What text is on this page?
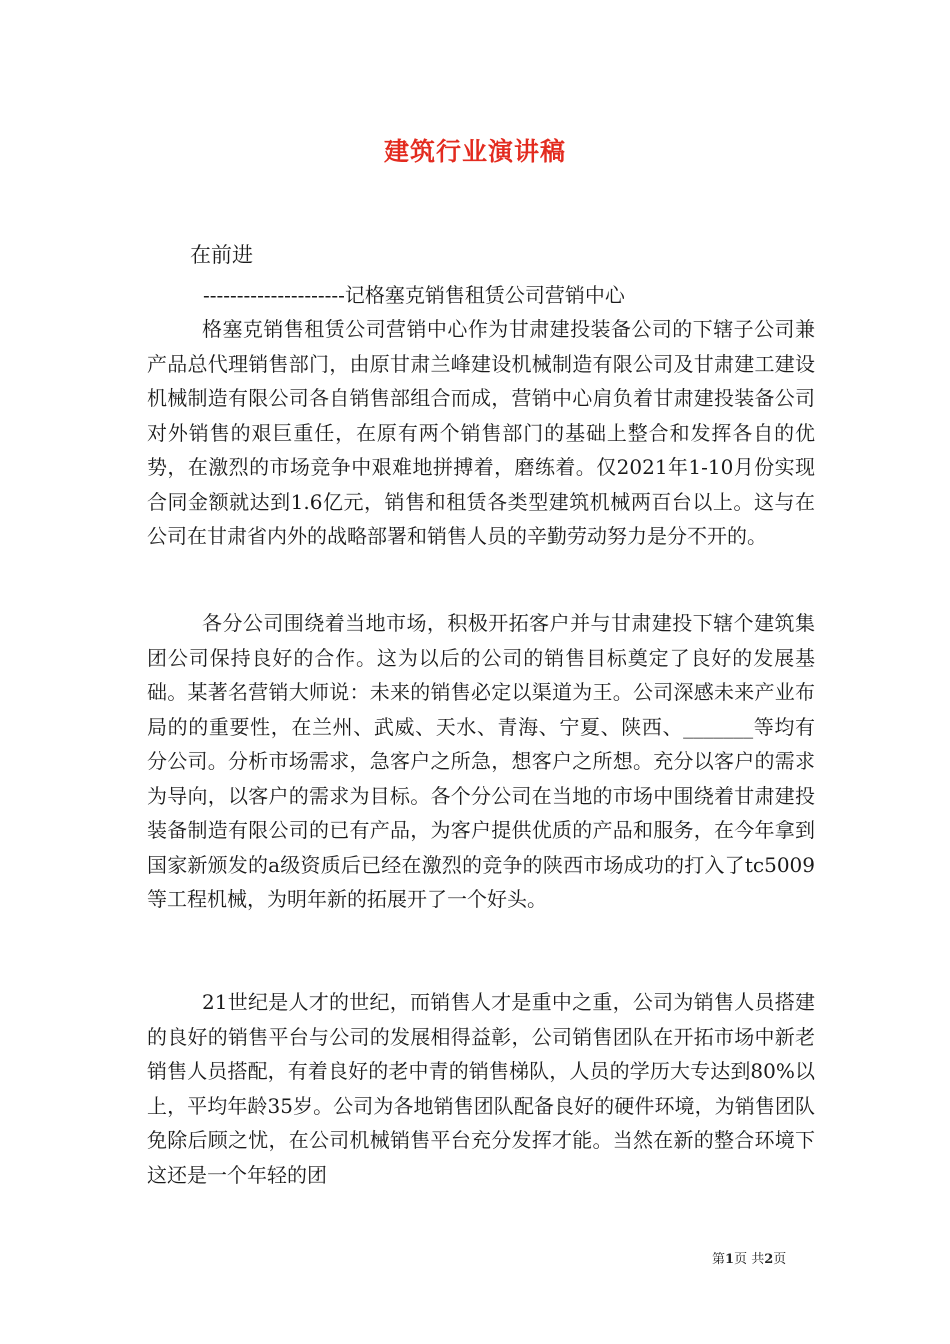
建筑行业演讲稿
在前进
---------------------记格塞克销售租赁公司营销中心
格塞克销售租赁公司营销中心作为甘肃建投装备公司的下辖子公司兼产品总代理销售部门，由原甘肃兰峰建设机械制造有限公司及甘肃建工建设机械制造有限公司各自销售部组合而成，营销中心肩负着甘肃建投装备公司对外销售的艰巨重任，在原有两个销售部门的基础上整合和发挥各自的优势，在激烈的市场竞争中艰难地拼搏着，磨练着。仅2021年1-10月份实现合同金额就达到1.6亿元，销售和租赁各类型建筑机械两百台以上。这与在公司在甘肃省内外的战略部署和销售人员的辛勤劳动努力是分不开的。
各分公司围绕着当地市场，积极开拓客户并与甘肃建投下辖个建筑集团公司保持良好的合作。这为以后的公司的销售目标奠定了良好的发展基础。某著名营销大师说：未来的销售必定以渠道为王。公司深感未来产业布局的的重要性，在兰州、武威、天水、青海、宁夏、陕西、_______等均有分公司。分析市场需求，急客户之所急，想客户之所想。充分以客户的需求为导向，以客户的需求为目标。各个分公司在当地的市场中围绕着甘肃建投装备制造有限公司的已有产品，为客户提供优质的产品和服务，在今年拿到国家新颁发的a级资质后已经在激烈的竞争的陕西市场成功的打入了tc5009等工程机械，为明年新的拓展开了一个好头。
21世纪是人才的世纪，而销售人才是重中之重，公司为销售人员搭建的良好的销售平台与公司的发展相得益彰，公司销售团队在开拓市场中新老销售人员搭配，有着良好的老中青的销售梯队，人员的学历大专达到80%以上，平均年龄35岁。公司为各地销售团队配备良好的硬件环境，为销售团队免除后顾之忧，在公司机械销售平台充分发挥才能。当然在新的整合环境下这还是一个年轻的团
第1页 共2页
